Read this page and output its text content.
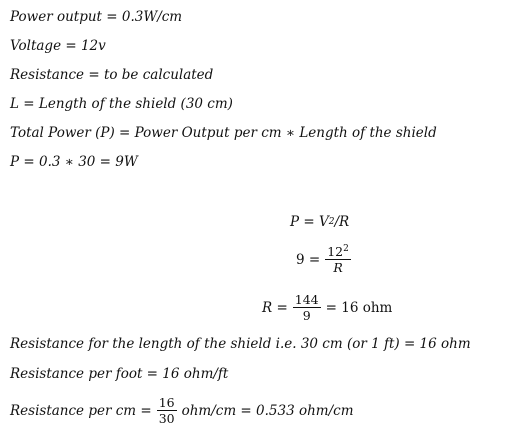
Power output = 0.3W/cm
Voltage = 12v
Resistance = to be calculated
L = Length of the shield (30 cm)
Total Power (P) = Power Output per cm ∗ Length of the shield
P = 0.3 ∗ 30 = 9W
P = V 2 /R
$9 = \frac{12^2}{R}$
$R = \frac{144}{9} = 16$ ohm
Resistance for the length of the shield i.e. 30 cm (or 1 ft) = 16 ohm
Resistance per foot = 16 ohm/ft
Resistance per cm = $\frac{16}{30} ohm/cm = 0.533$ ohm/cm
